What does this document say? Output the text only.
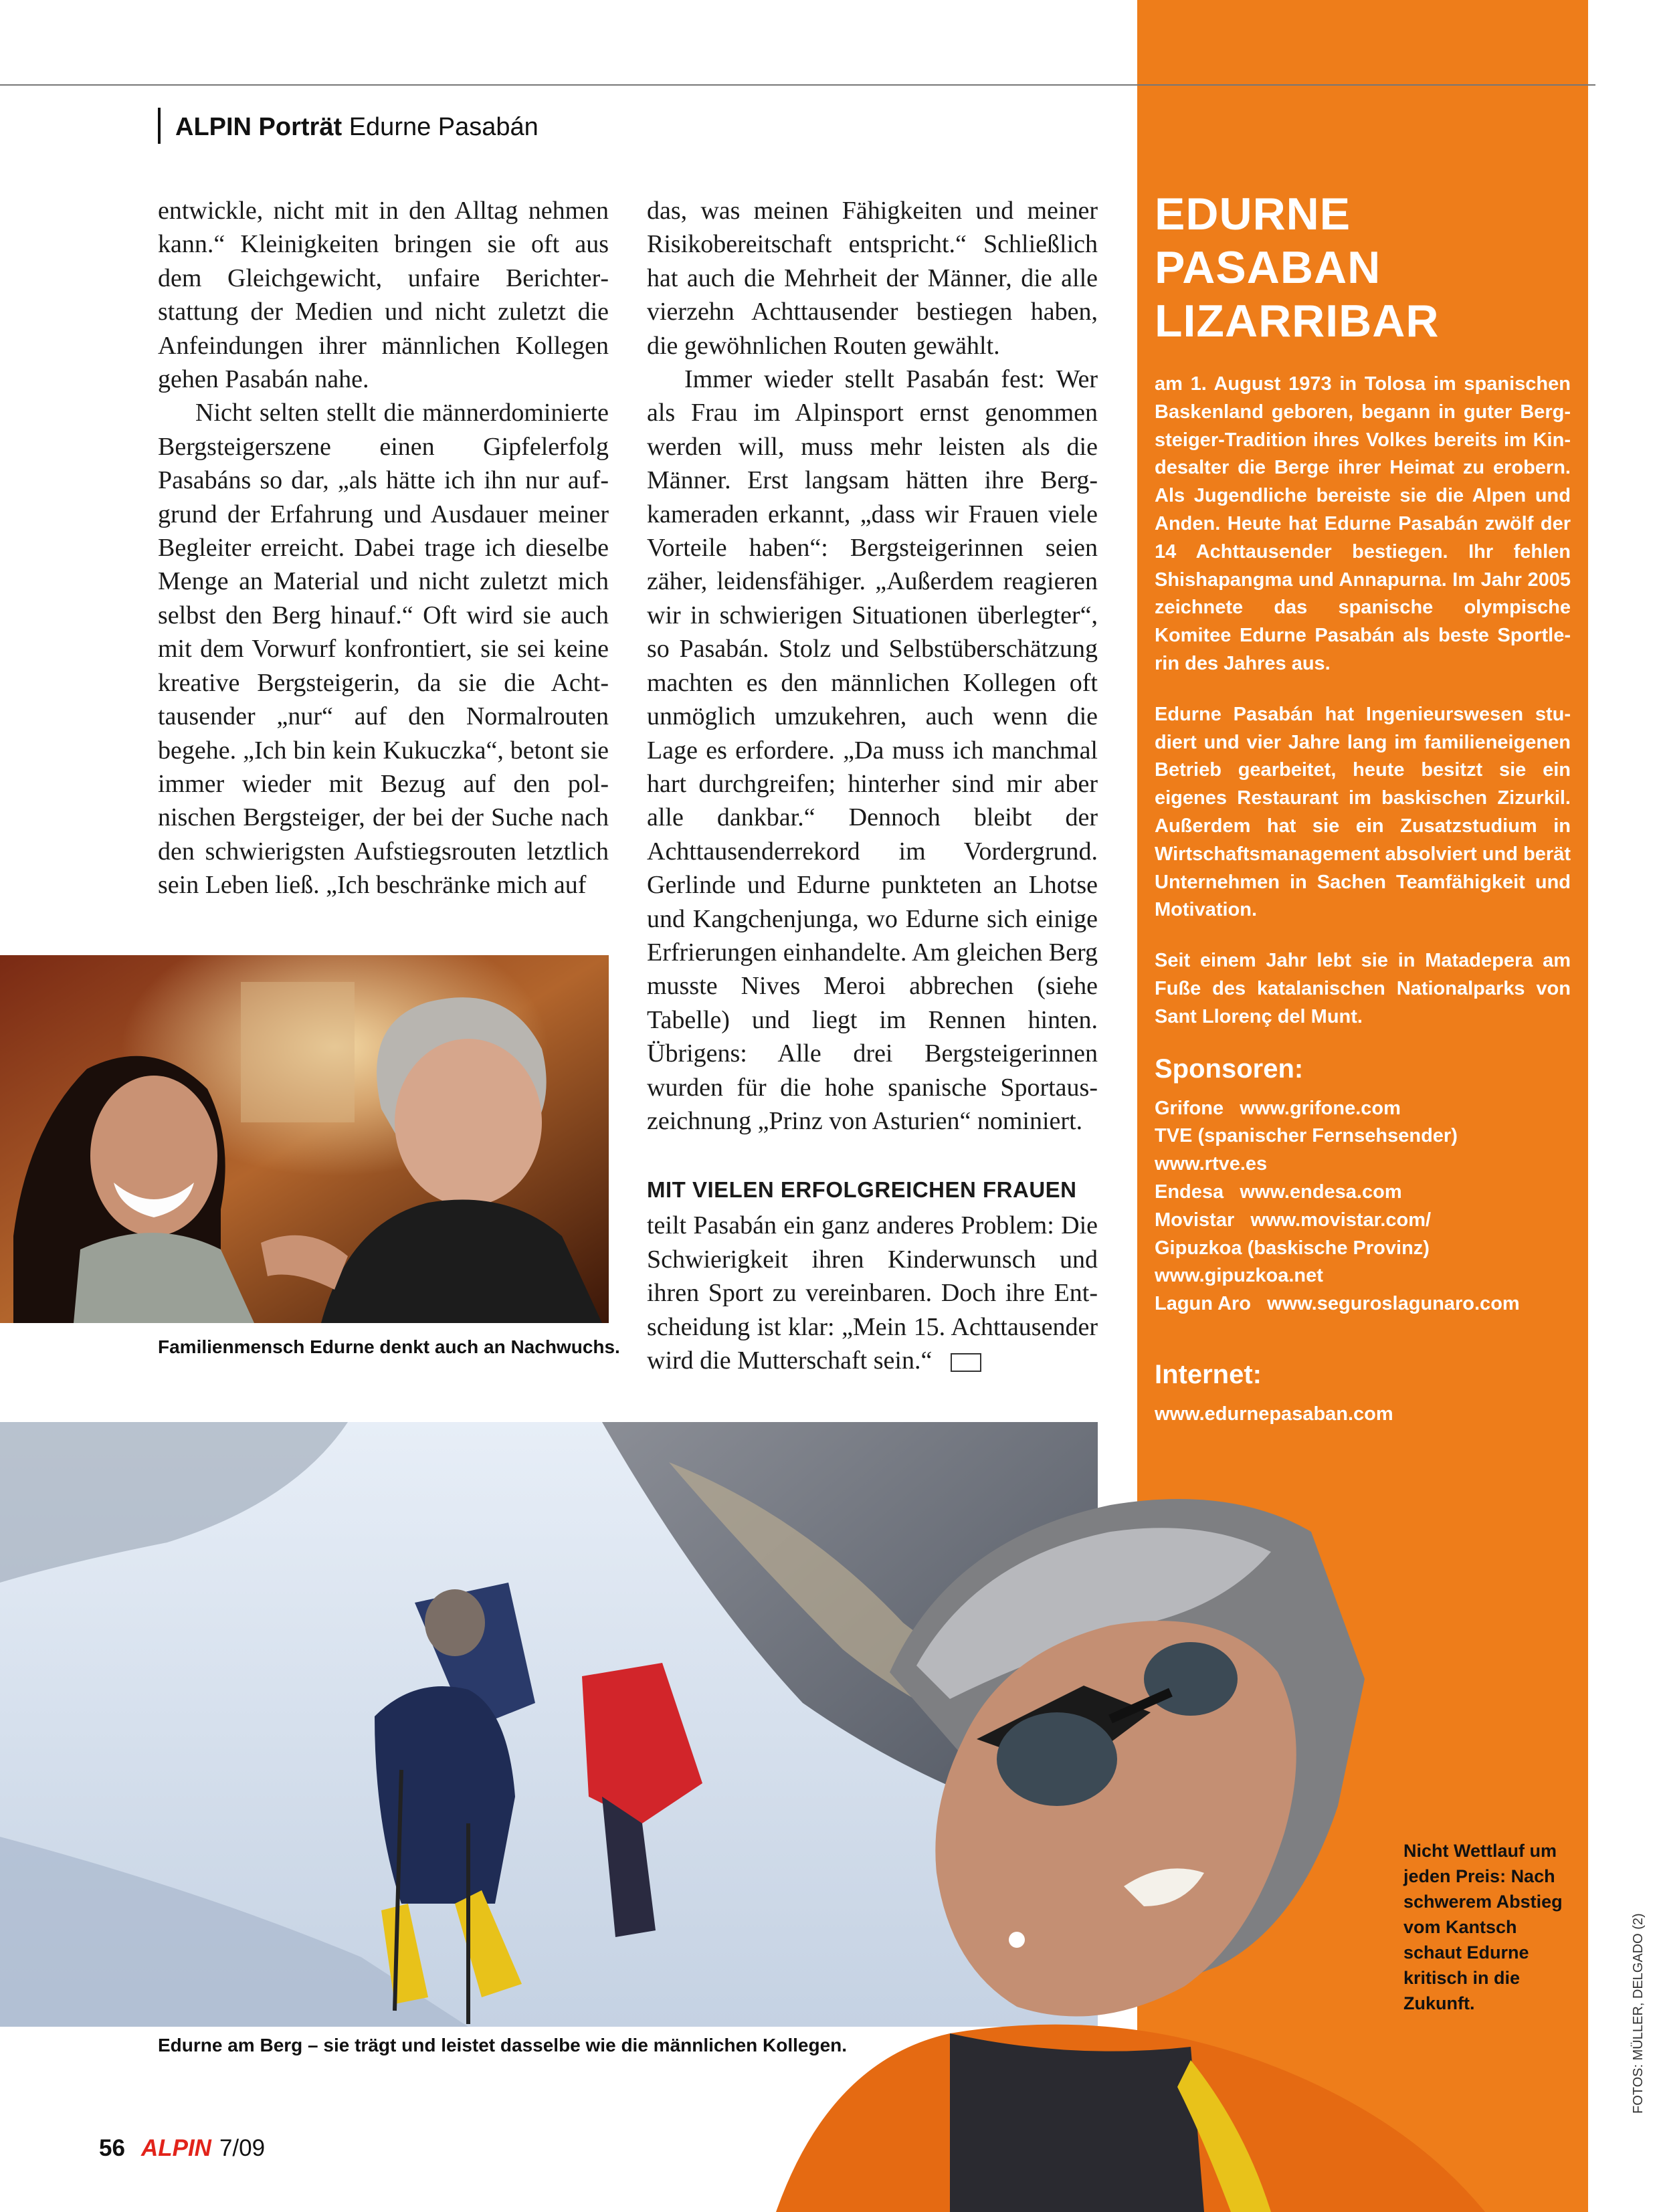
ALPIN Porträt Edurne Pasabán

entwickle, nicht mit in den Alltag nehmen kann.“ Kleinigkeiten bringen sie oft aus dem Gleichgewicht, unfaire Berichterstattung der Medien und nicht zuletzt die Anfeindungen ihrer männlichen Kollegen gehen Pasabán nahe.

Nicht selten stellt die männerdominierte Bergsteigerszene einen Gipfelerfolg Pasabáns so dar, „als hätte ich ihn nur aufgrund der Erfahrung und Ausdauer meiner Begleiter erreicht. Dabei trage ich dieselbe Menge an Material und nicht zuletzt mich selbst den Berg hinauf.“ Oft wird sie auch mit dem Vorwurf konfrontiert, sie sei keine kreative Bergsteigerin, da sie die Achttausender „nur“ auf den Normalrouten begehe. „Ich bin kein Kukuczka“, betont sie immer wieder mit Bezug auf den polnischen Bergsteiger, der bei der Suche nach den schwierigsten Aufstiegsrouten letztlich sein Leben ließ. „Ich beschränke mich auf

das, was meinen Fähigkeiten und meiner Risikobereitschaft entspricht.“ Schließlich hat auch die Mehrheit der Männer, die alle vierzehn Achttausender bestiegen haben, die gewöhnlichen Routen gewählt.

Immer wieder stellt Pasabán fest: Wer als Frau im Alpinsport ernst genommen werden will, muss mehr leisten als die Männer. Erst langsam hätten ihre Bergkameraden erkannt, „dass wir Frauen viele Vorteile haben“: Bergsteigerinnen seien zäher, leidensfähiger. „Außerdem reagieren wir in schwierigen Situationen überlegter“, so Pasabán. Stolz und Selbstüberschätzung machten es den männlichen Kollegen oft unmöglich umzukehren, auch wenn die Lage es erfordere. „Da muss ich manchmal hart durchgreifen; hinterher sind mir aber alle dankbar.“ Dennoch bleibt der Achttausenderrekord im Vordergrund. Gerlinde und Edurne punkteten an Lhotse und Kangchenjunga, wo Edurne sich einige Erfrierungen einhandelte. Am gleichen Berg musste Nives Meroi abbrechen (siehe Tabelle) und liegt im Rennen hinten. Übrigens: Alle drei Bergsteigerinnen wurden für die hohe spanische Sportauszeichnung „Prinz von Asturien“ nominiert.

MIT VIELEN ERFOLGREICHEN FRAUEN

teilt Pasabán ein ganz anderes Problem: Die Schwierigkeit ihren Kinderwunsch und ihren Sport zu vereinbaren. Doch ihre Entscheidung ist klar: „Mein 15. Achttausender wird die Mutterschaft sein.“

EDURNE PASABAN
LIZARRIBAR

am 1. August 1973 in Tolosa im spanischen Baskenland geboren, begann in guter Bergsteiger-Tradition ihres Volkes bereits im Kindesalter die Berge ihrer Heimat zu erobern. Als Jugendliche bereiste sie die Alpen und Anden. Heute hat Edurne Pasabán zwölf der 14 Achttausender bestiegen. Ihr fehlen Shishapangma und Annapurna. Im Jahr 2005 zeichnete das spanische olympische Komitee Edurne Pasabán als beste Sportlerin des Jahres aus.

Edurne Pasabán hat Ingenieurswesen studiert und vier Jahre lang im familieneigenen Betrieb gearbeitet, heute besitzt sie ein eigenes Restaurant im baskischen Zizurkil. Außerdem hat sie ein Zusatzstudium in Wirtschaftsmanagement absolviert und berät Unternehmen in Sachen Teamfähigkeit und Motivation.

Seit einem Jahr lebt sie in Matadepera am Fuße des katalanischen Nationalparks von Sant Llorenç del Munt.

Sponsoren:
Grifone   www.grifone.com
TVE (spanischer Fernsehsender)
www.rtve.es
Endesa   www.endesa.com
Movistar   www.movistar.com/
Gipuzkoa (baskische Provinz)
www.gipuzkoa.net
Lagun Aro   www.seguroslagunaro.com
Internet:
www.edurnepasaban.com
Familienmensch Edurne denkt auch an Nachwuchs.
Edurne am Berg – sie trägt und leistet dasselbe wie die männlichen Kollegen.
Nicht Wettlauf um jeden Preis: Nach schwerem Abstieg vom Kantsch schaut Edurne kritisch in die Zukunft.
56 ALPIN 7/09
FOTOS: MÜLLER, DELGADO (2)
